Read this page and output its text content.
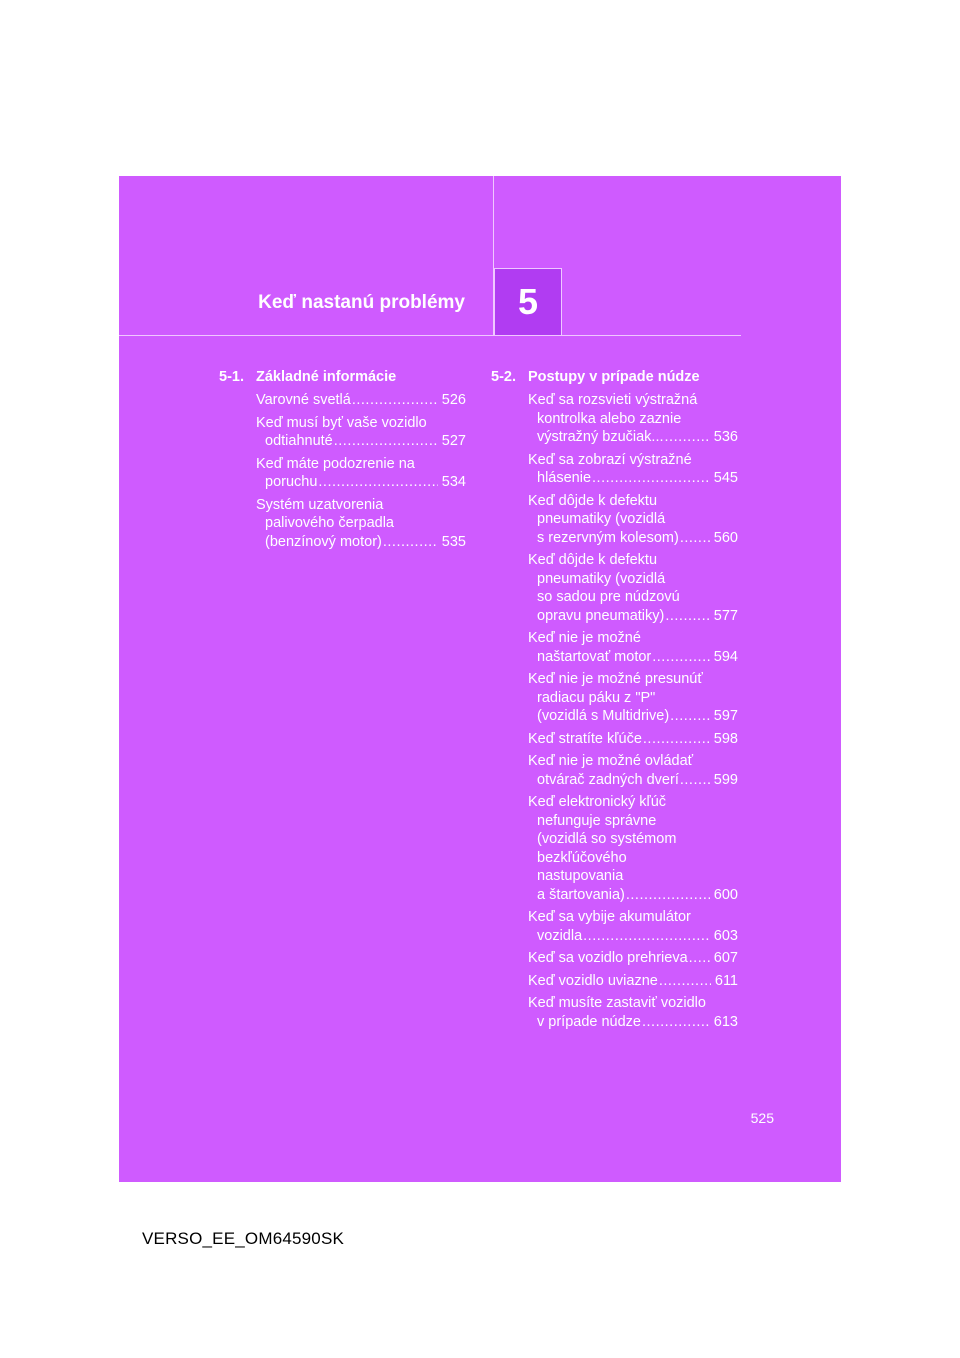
Keď nastanú problémy 5
5-1. Základné informácie
Varovné svetlá .....	526
Keď musí byť vaše vozidlo
odtiahnuté .....	527
Keď máte podozrenie na
poruchu .....	534
Systém uzatvorenia
palivového čerpadla
(benzínový motor) .....	535
5-2. Postupy v prípade núdze
Keď sa rozsvieti výstražná
kontrolka alebo zaznie
výstražný bzučiak... .....	536
Keď sa zobrazí výstražné
hlásenie .....	545
Keď dôjde k defektu
pneumatiky (vozidlá
s rezervným kolesom) ..... 560
Keď dôjde k defektu
pneumatiky (vozidlá
so sadou pre núdzovú
opravu pneumatiky) .....	577
Keď nie je možné
naštartovať motor .....	594
Keď nie je možné presunúť
radiacu páku z "P"
(vozidlá s Multidrive) .....	597
Keď stratíte kľúče .....	598
Keď nie je možné ovládať
otvárač zadných dverí ..... 599
Keď elektronický kľúč
nefunguje správne
(vozidlá so systémom
bezkľúčového
nastupovania
a štartovania) .....	600
Keď sa vybije akumulátor
vozidla .....	603
Keď sa vozidlo prehrieva ..... 607
Keď vozidlo uviazne .....	611
Keď musíte zastaviť vozidlo
v prípade núdze .....	613
525
VERSO_EE_OM64590SK
